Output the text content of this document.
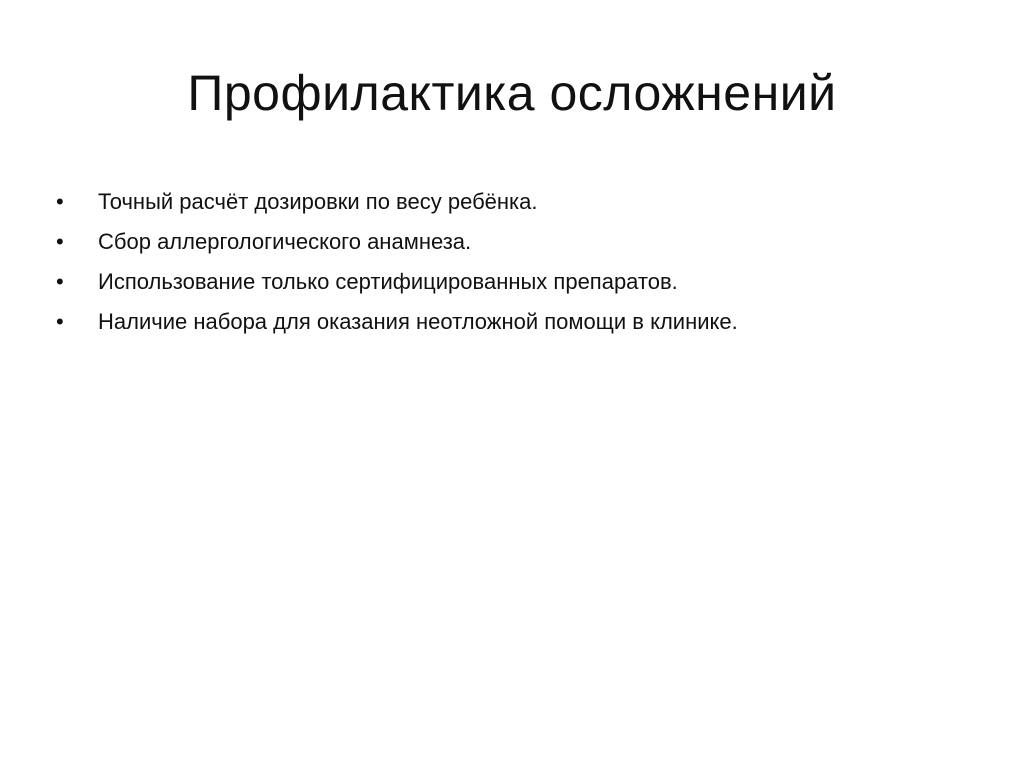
Профилактика осложнений
•	Точный расчёт дозировки по весу ребёнка.
•	Сбор аллергологического анамнеза.
•	Использование только сертифицированных препаратов.
•	Наличие набора для оказания неотложной помощи в клинике.
